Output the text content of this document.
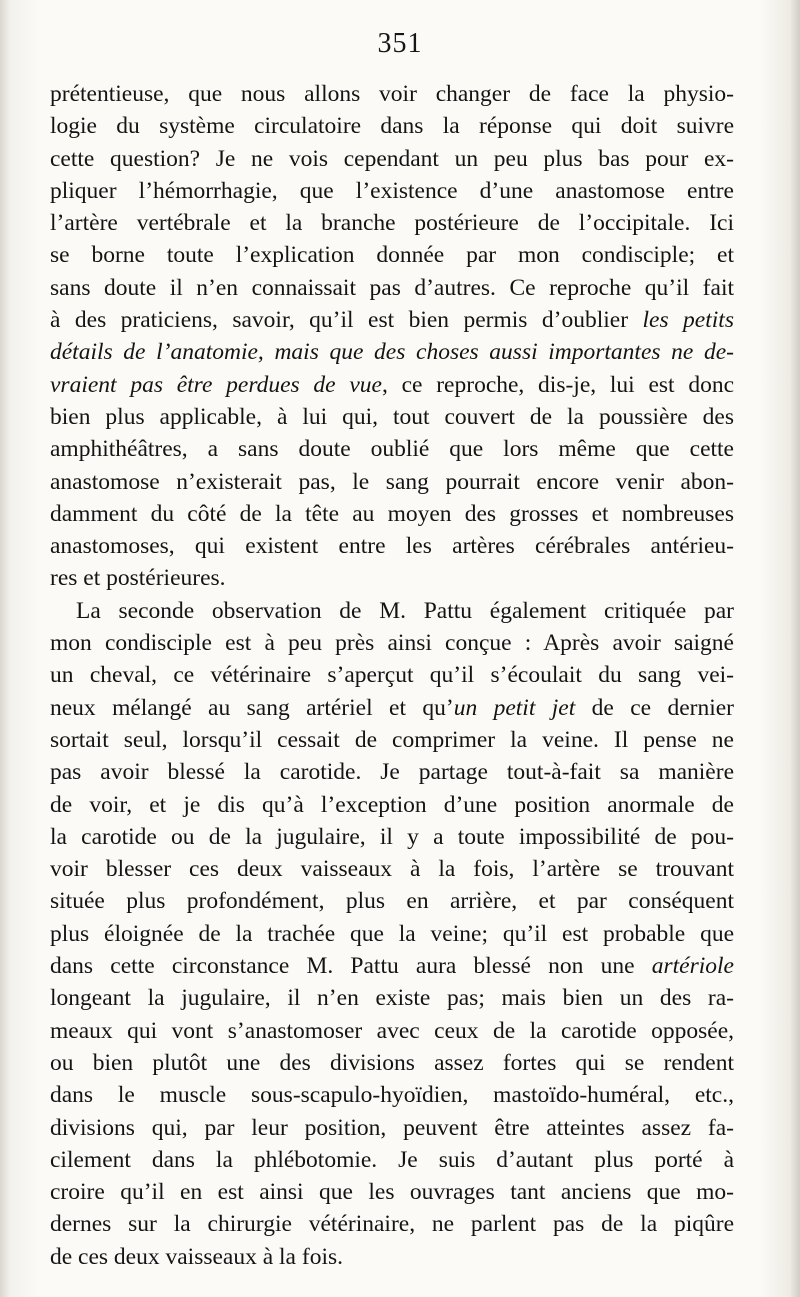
351
prétentieuse, que nous allons voir changer de face la physio-
logie du système circulatoire dans la réponse qui doit suivre
cette question? Je ne vois cependant un peu plus bas pour ex-
pliquer l’hémorrhagie, que l’existence d’une anastomose entre
l’artère vertébrale et la branche postérieure de l’occipitale. Ici
se borne toute l’explication donnée par mon condisciple; et
sans doute il n’en connaissait pas d’autres. Ce reproche qu’il fait
à des praticiens, savoir, qu’il est bien permis d’oublier les petits
détails de l’anatomie, mais que des choses aussi importantes ne de-
vraient pas être perdues de vue, ce reproche, dis-je, lui est donc
bien plus applicable, à lui qui, tout couvert de la poussière des
amphithéâtres, a sans doute oublié que lors même que cette
anastomose n’existerait pas, le sang pourrait encore venir abon-
damment du côté de la tête au moyen des grosses et nombreuses
anastomoses, qui existent entre les artères cérébrales antérieu-
res et postérieures.
La seconde observation de M. Pattu également critiquée par
mon condisciple est à peu près ainsi conçue : Après avoir saigné
un cheval, ce vétérinaire s’aperçut qu’il s’écoulait du sang vei-
neux mélangé au sang artériel et qu’un petit jet de ce dernier
sortait seul, lorsqu’il cessait de comprimer la veine. Il pense ne
pas avoir blessé la carotide. Je partage tout-à-fait sa manière
de voir, et je dis qu’à l’exception d’une position anormale de
la carotide ou de la jugulaire, il y a toute impossibilité de pou-
voir blesser ces deux vaisseaux à la fois, l’artère se trouvant
située plus profondément, plus en arrière, et par conséquent
plus éloignée de la trachée que la veine; qu’il est probable que
dans cette circonstance M. Pattu aura blessé non une artériole
longeant la jugulaire, il n’en existe pas; mais bien un des ra-
meaux qui vont s’anastomoser avec ceux de la carotide opposée,
ou bien plutôt une des divisions assez fortes qui se rendent
dans le muscle sous-scapulo-hyoïdien, mastoïdo-huméral, etc.,
divisions qui, par leur position, peuvent être atteintes assez fa-
cilement dans la phlébotomie. Je suis d’autant plus porté à
croire qu’il en est ainsi que les ouvrages tant anciens que mo-
dernes sur la chirurgie vétérinaire, ne parlent pas de la piqûre
de ces deux vaisseaux à la fois.
